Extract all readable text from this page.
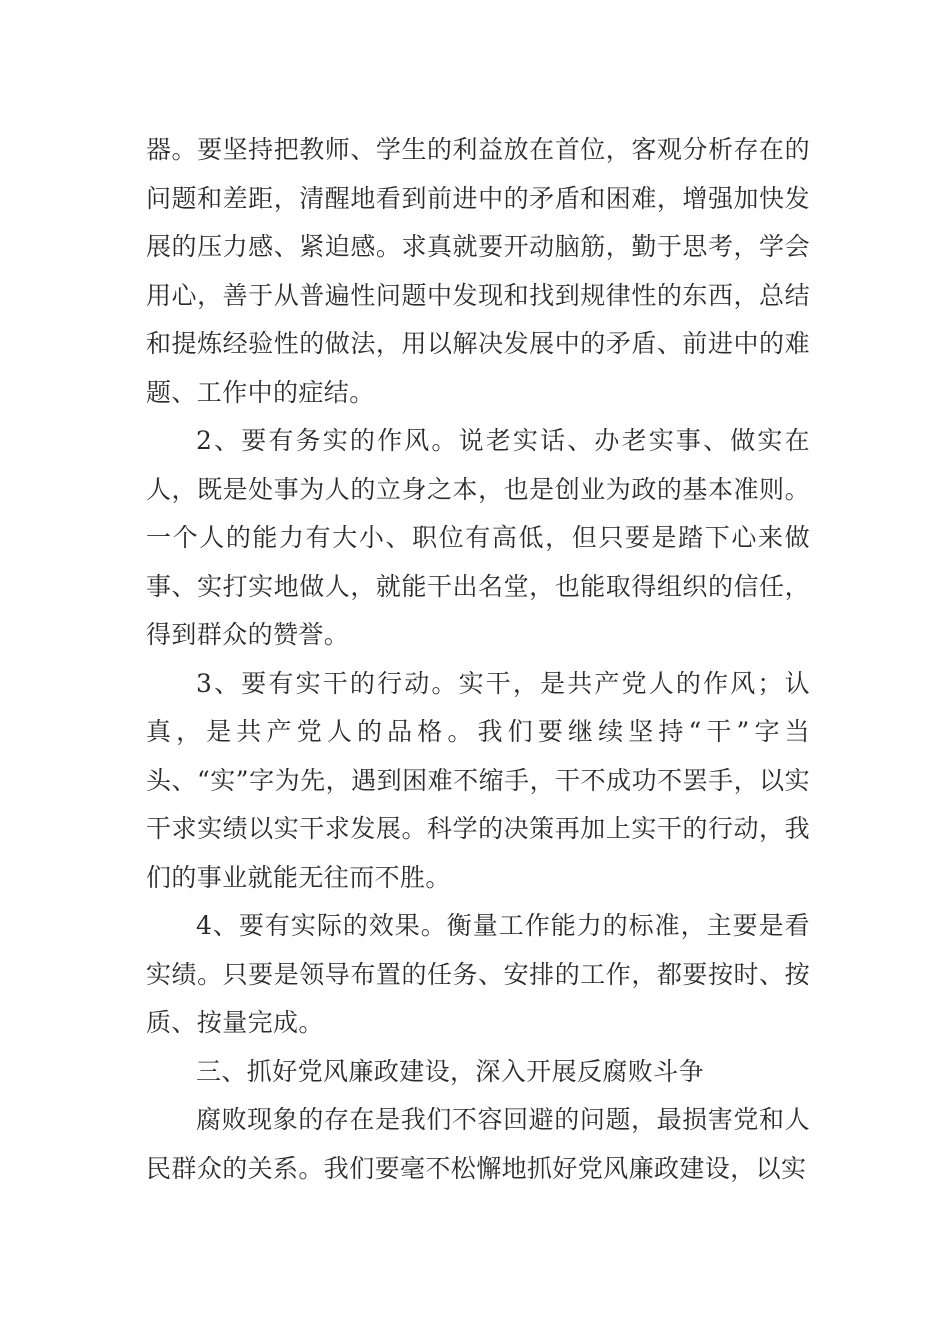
器。要坚持把教师、学生的利益放在首位，客观分析存在的问题和差距，清醒地看到前进中的矛盾和困难，增强加快发展的压力感、紧迫感。求真就要开动脑筋，勤于思考，学会用心，善于从普遍性问题中发现和找到规律性的东西，总结和提炼经验性的做法，用以解决发展中的矛盾、前进中的难题、工作中的症结。

2、要有务实的作风。说老实话、办老实事、做实在人，既是处事为人的立身之本，也是创业为政的基本准则。一个人的能力有大小、职位有高低，但只要是踏下心来做事、实打实地做人，就能干出名堂，也能取得组织的信任，得到群众的赞誉。

3、要有实干的行动。实干，是共产党人的作风；认真，是共产党人的品格。我们要继续坚持“干”字当头、“实”字为先，遇到困难不缩手，干不成功不罢手，以实干求实绩以实干求发展。科学的决策再加上实干的行动，我们的事业就能无往而不胜。

4、要有实际的效果。衡量工作能力的标准，主要是看实绩。只要是领导布置的任务、安排的工作，都要按时、按质、按量完成。

三、抓好党风廉政建设，深入开展反腐败斗争

腐败现象的存在是我们不容回避的问题，最损害党和人民群众的关系。我们要毫不松懈地抓好党风廉政建设，以实
